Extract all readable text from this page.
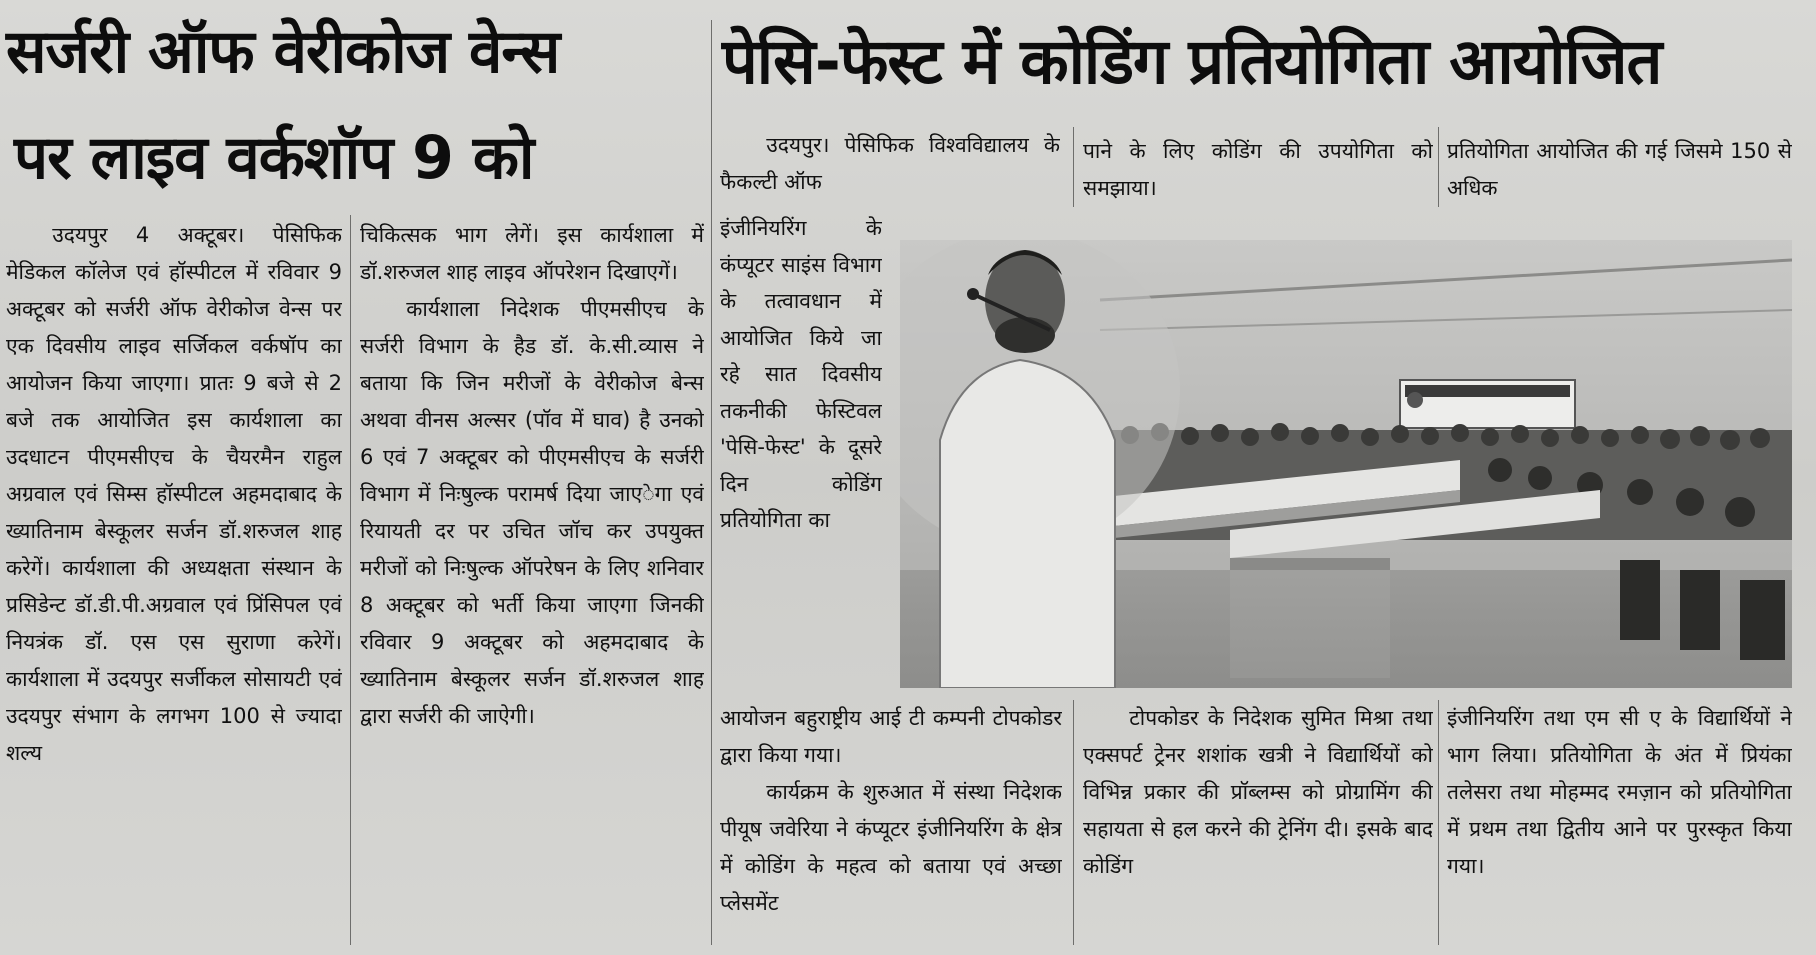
सर्जरी ऑफ वेरीकोज वेन्स
पर लाइव वर्कशॉप 9 को
पेसि-फेस्ट में कोडिंग प्रतियोगिता आयोजित

उदयपुर 4 अक्टूबर। पेसिफिक मेडिकल कॉलेज एवं हॉस्पीटल में रविवार 9 अक्टूबर को सर्जरी ऑफ वेरीकोज वेन्स पर एक दिवसीय लाइव सर्जिकल वर्कषॉप का आयोजन किया जाएगा। प्रातः 9 बजे से 2 बजे तक आयोजित इस कार्यशाला का उदधाटन पीएमसीएच के चैयरमैन राहुल अग्रवाल एवं सिम्स हॉस्पीटल अहमदाबाद के ख्यातिनाम बेस्कूलर सर्जन डॉ.शरुजल शाह करेगें। कार्यशाला की अध्यक्षता संस्थान के प्रसिडेन्ट डॉ.डी.पी.अग्रवाल एवं प्रिंसिपल एवं नियत्रंक डॉ. एस एस सुराणा करेगें। कार्यशाला में उदयपुर सर्जीकल सोसायटी एवं उदयपुर संभाग के लगभग 100 से ज्यादा शल्य

चिकित्सक भाग लेगें। इस कार्यशाला में डॉ.शरुजल शाह लाइव ऑपरेशन दिखाएगें।

कार्यशाला निदेशक पीएमसीएच के सर्जरी विभाग के हैड डॉ. के.सी.व्यास ने बताया कि जिन मरीजों के वेरीकोज बेन्स अथवा वीनस अल्सर (पॉव में घाव) है उनको 6 एवं 7 अक्टूबर को पीएमसीएच के सर्जरी विभाग में निःषुल्क परामर्ष दिया जाएेगा एवं रियायती दर पर उचित जॉच कर उपयुक्त मरीजों को निःषुल्क ऑपरेषन के लिए शनिवार 8 अक्टूबर को भर्ती किया जाएगा जिनकी रविवार 9 अक्टूबर को अहमदाबाद के ख्यातिनाम बेस्कूलर सर्जन डॉ.शरुजल शाह द्वारा सर्जरी की जाऐगी।

उदयपुर। पेसिफिक विश्वविद्यालय के फैकल्टी ऑफ

इंजीनियरिंग के कंप्यूटर साइंस विभाग के तत्वावधान में आयोजित किये जा रहे सात दिवसीय तकनीकी फेस्टिवल 'पेसि-फेस्ट' के दूसरे दिन कोडिंग प्रतियोगिता का

आयोजन बहुराष्ट्रीय आई टी कम्पनी टोपकोडर द्वारा किया गया।

कार्यक्रम के शुरुआत में संस्था निदेशक पीयूष जवेरिया ने कंप्यूटर इंजीनियरिंग के क्षेत्र में कोडिंग के महत्व को बताया एवं अच्छा प्लेसमेंट

पाने के लिए कोडिंग की उपयोगिता को समझाया।

टोपकोडर के निदेशक सुमित मिश्रा तथा एक्सपर्ट ट्रेनर शशांक खत्री ने विद्यार्थियों को विभिन्न प्रकार की प्रॉब्लम्स को प्रोग्रामिंग की सहायता से हल करने की ट्रेनिंग दी। इसके बाद कोडिंग

प्रतियोगिता आयोजित की गई जिसमे 150 से अधिक

इंजीनियरिंग तथा एम सी ए के विद्यार्थियों ने भाग लिया। प्रतियोगिता के अंत में प्रियंका तलेसरा तथा मोहम्मद रमज़ान को प्रतियोगिता में प्रथम तथा द्वितीय आने पर पुरस्कृत किया गया।
